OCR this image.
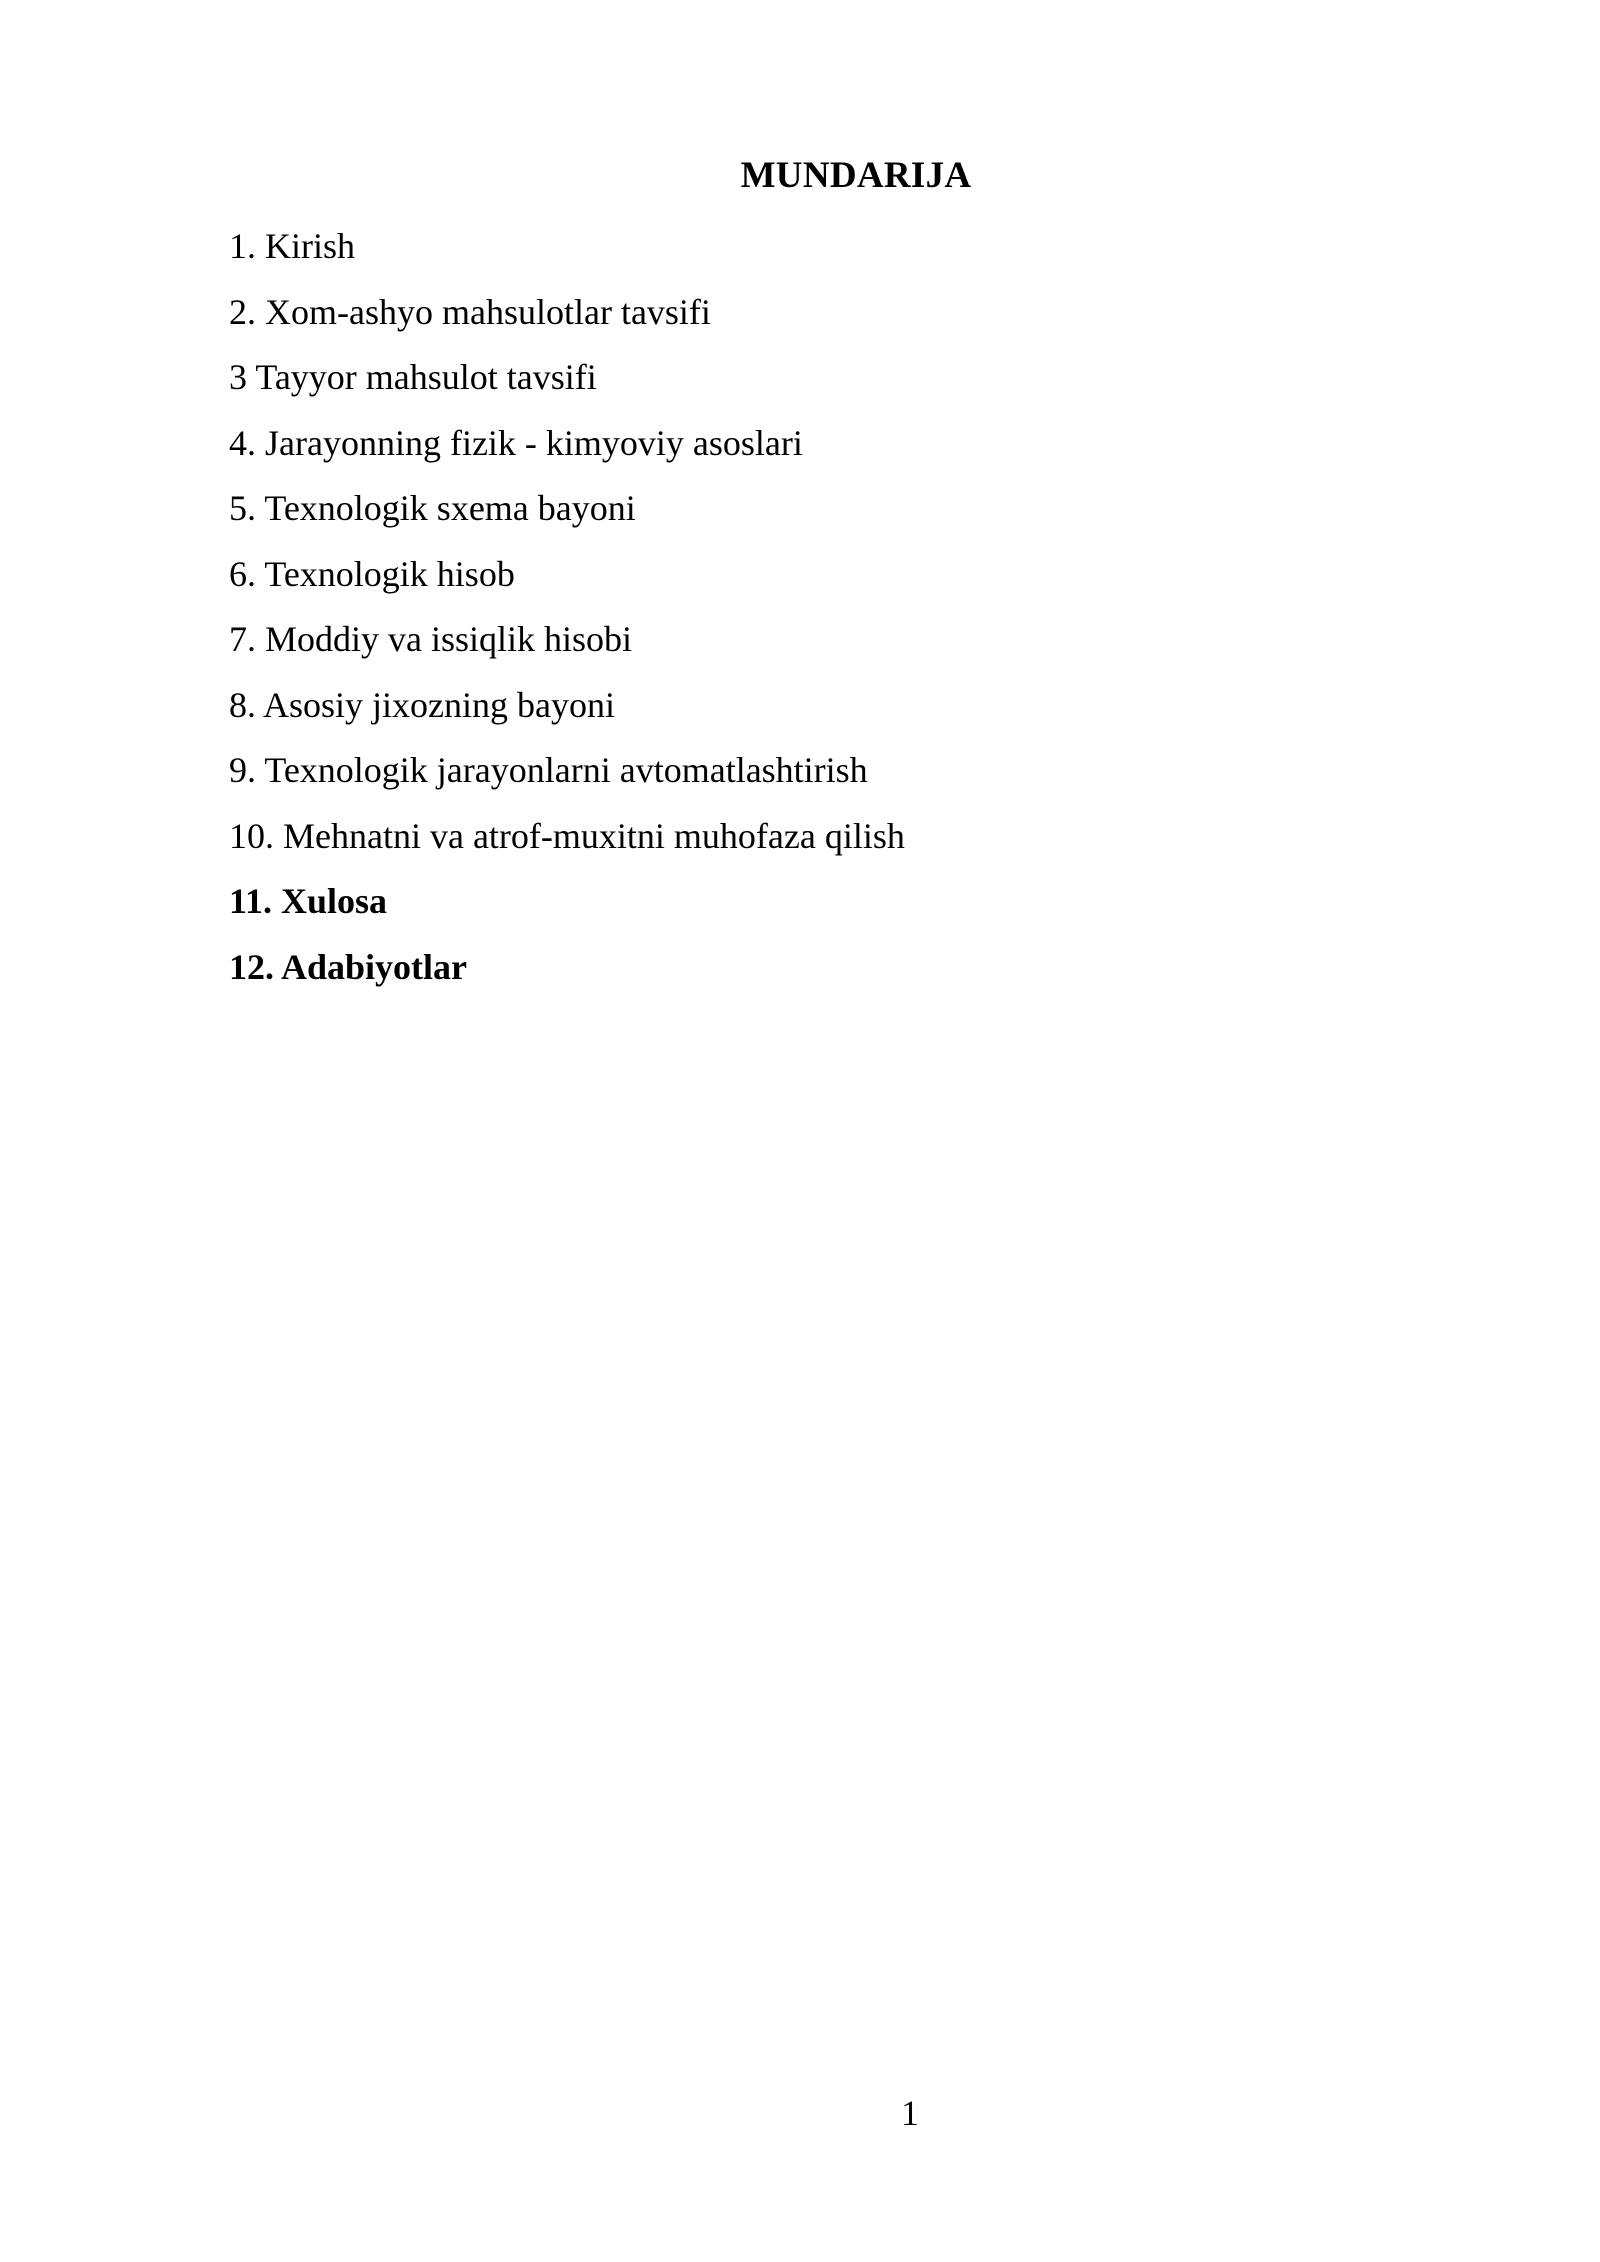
MUNDARIJA
1. Kirish
2. Xom-ashyo mahsulotlar tavsifi
3 Tayyor mahsulot tavsifi
4. Jarayonning fizik - kimyoviy asoslari
5. Texnologik sxema bayoni
6. Texnologik hisob
7. Moddiy va issiqlik hisobi
8. Asosiy jixozning bayoni
9. Texnologik jarayonlarni avtomatlashtirish
10. Mehnatni va atrof-muxitni muhofaza qilish
11. Xulosa
12. Adabiyotlar
1
